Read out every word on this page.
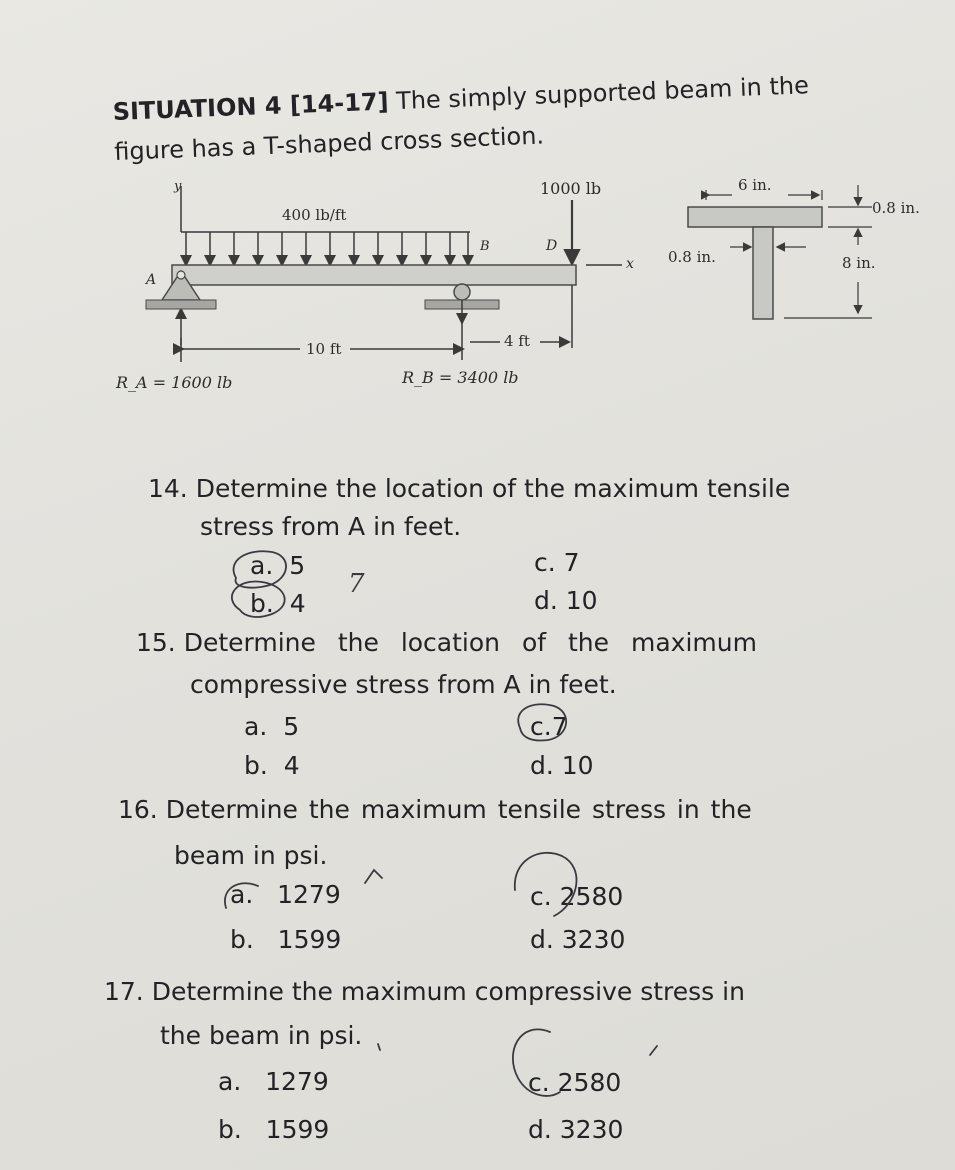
SITUATION 4 [14-17] The simply supported beam in the
figure has a T-shaped cross section.
y
400 lb/ft
1000 lb
A
B	D
x
10 ft	4 ft
R_A = 1600 lb	R_B = 3400 lb
6 in.
0.8 in.
0.8 in.	8 in.
14. Determine the location of the maximum tensile
stress from A in feet.
a. 5
b. 4
c. 7
d. 10
15. Determine the location of the maximum
compressive stress from A in feet.
a. 5
b. 4
c.7
d. 10
16. Determine the maximum tensile stress in the
beam in psi.
a. 1279
b. 1599
c. 2580
d. 3230
17. Determine the maximum compressive stress in
the beam in psi.
a. 1279
b. 1599
c. 2580
d. 3230
7
